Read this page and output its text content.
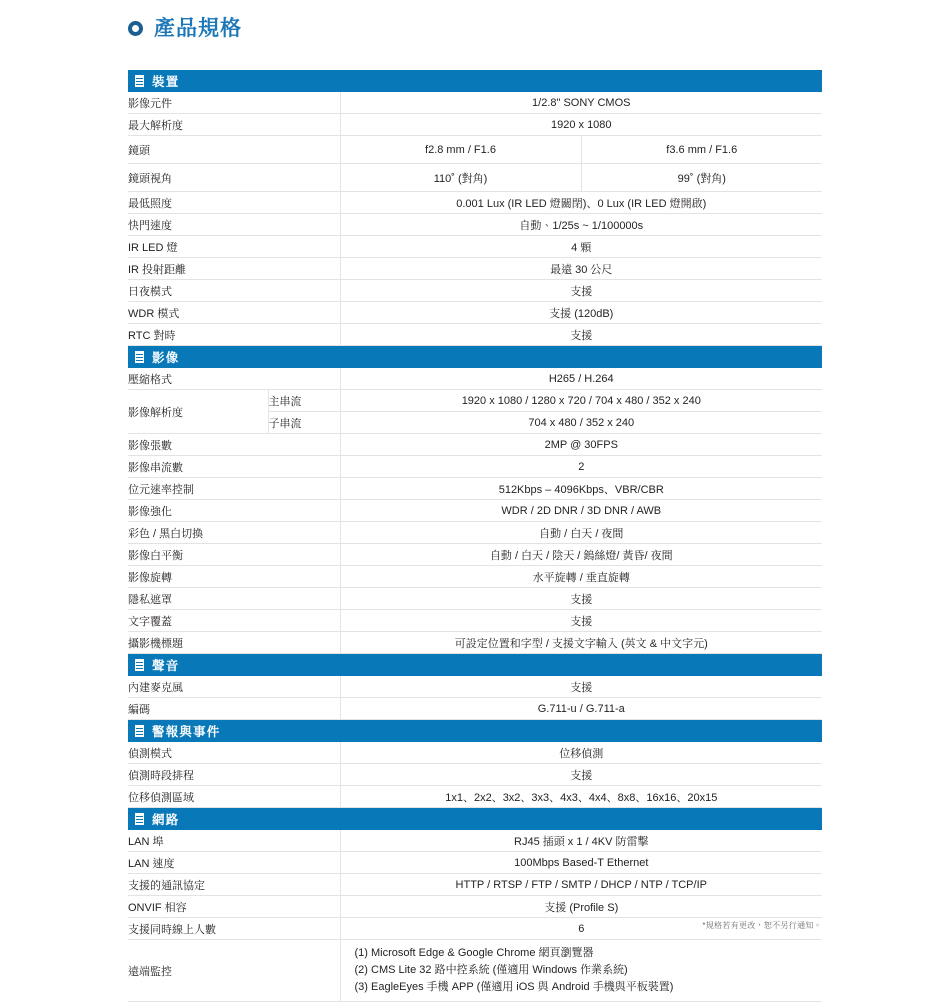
產品規格
裝置			

影像元件		1/2.8" SONY CMOS	
最大解析度		1920 x 1080	
鏡頭		f2.8 mm / F1.6	f3.6 mm / F1.6
鏡頭視角		110˚ (對角)	99˚ (對角)
最低照度		0.001 Lux (IR LED 燈關閉)、0 Lux (IR LED 燈開啟)	
快門速度		自動、1/25s ~ 1/100000s	
IR LED 燈		4 顆	
IR 投射距離		最遠 30 公尺	
日夜模式		支援	
WDR 模式		支援 (120dB)	
RTC 對時		支援	

影像			

壓縮格式		H265 / H.264	
影像解析度	主串流	1920 x 1080 / 1280 x 720 / 704 x 480 / 352 x 240	
	子串流	704 x 480 / 352 x 240	
影像張數		2MP @ 30FPS	
影像串流數		2	
位元速率控制		512Kbps – 4096Kbps、VBR/CBR	
影像強化		WDR / 2D DNR / 3D DNR / AWB	
彩色 / 黑白切換		自動 / 白天 / 夜間	
影像白平衡		自動 / 白天 / 陰天 / 鎢絲燈/ 黃昏/ 夜間	
影像旋轉		水平旋轉 / 垂直旋轉	
隱私遮罩		支援	
文字覆蓋		支援	
攝影機標題		可設定位置和字型 / 支援文字輸入 (英文 & 中文字元)	

聲音			

內建麥克風		支援	
編碼		G.711-u / G.711-a	

警報與事件			

偵測模式		位移偵測	
偵測時段排程		支援	
位移偵測區域		1x1、2x2、3x2、3x3、4x3、4x4、8x8、16x16、20x15	

網路			

LAN 埠		RJ45 插頭 x 1 / 4KV 防雷擊	
LAN 速度		100Mbps Based-T Ethernet	
支援的通訊協定		HTTP / RTSP / FTP / SMTP / DHCP / NTP / TCP/IP	
ONVIF 相容		支援 (Profile S)	
支援同時線上人數		6	
遠端監控		(1) Microsoft Edge & Google Chrome 網頁瀏覽器
(2) CMS Lite 32 路中控系統 (僅適用 Windows 作業系統)
(3) EagleEyes 手機 APP (僅適用 iOS 與 Android 手機與平板裝置)	
*規格若有更改，恕不另行通知。
